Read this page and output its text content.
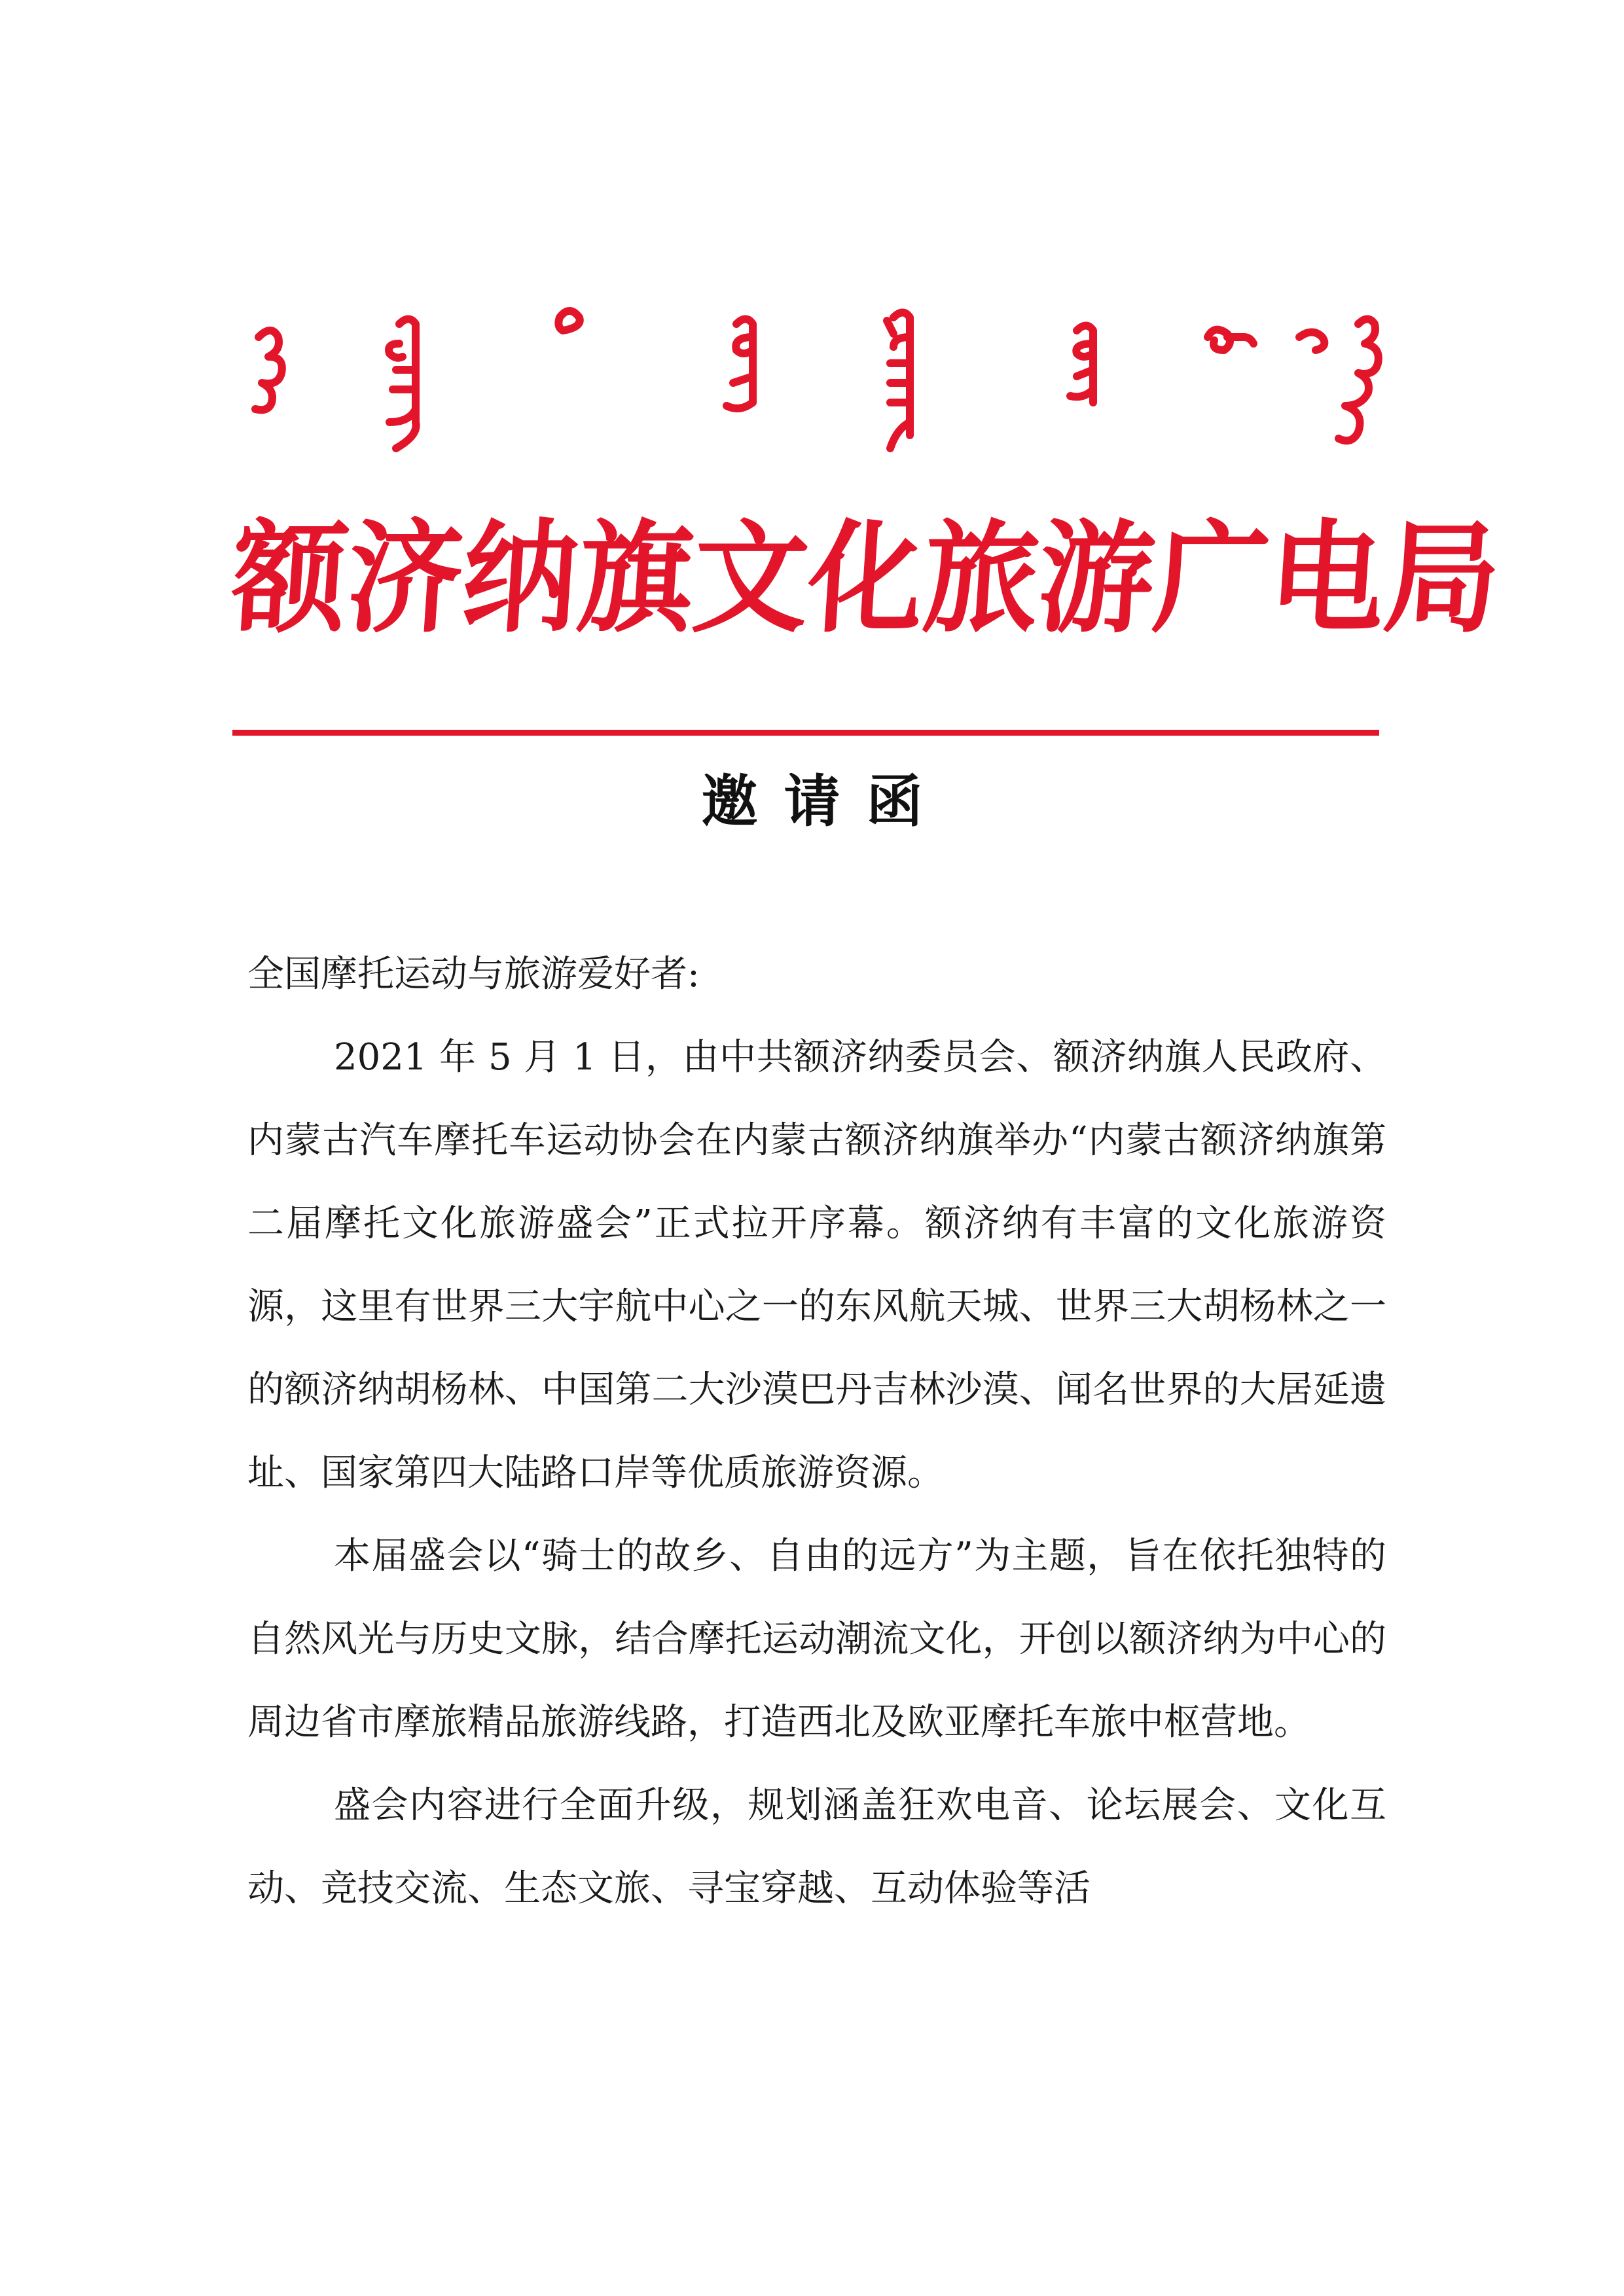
额
济
纳
旗
文
化
旅
游
广
电
局
邀请函

全国摩托运动与旅游爱好者:

2021 年 5 月 1 日，由中共额济纳委员会、额济纳旗人民政府、内蒙古汽车摩托车运动协会在内蒙古额济纳旗举办“内蒙古额济纳旗第二届摩托文化旅游盛会”正式拉开序幕。额济纳有丰富的文化旅游资源，这里有世界三大宇航中心之一的东风航天城、世界三大胡杨林之一的额济纳胡杨林、中国第二大沙漠巴丹吉林沙漠、闻名世界的大居延遗址、国家第四大陆路口岸等优质旅游资源。

本届盛会以“骑士的故乡、自由的远方”为主题，旨在依托独特的自然风光与历史文脉，结合摩托运动潮流文化，开创以额济纳为中心的周边省市摩旅精品旅游线路，打造西北及欧亚摩托车旅中枢营地。

盛会内容进行全面升级，规划涵盖狂欢电音、论坛展会、文化互动、竞技交流、生态文旅、寻宝穿越、互动体验等活
